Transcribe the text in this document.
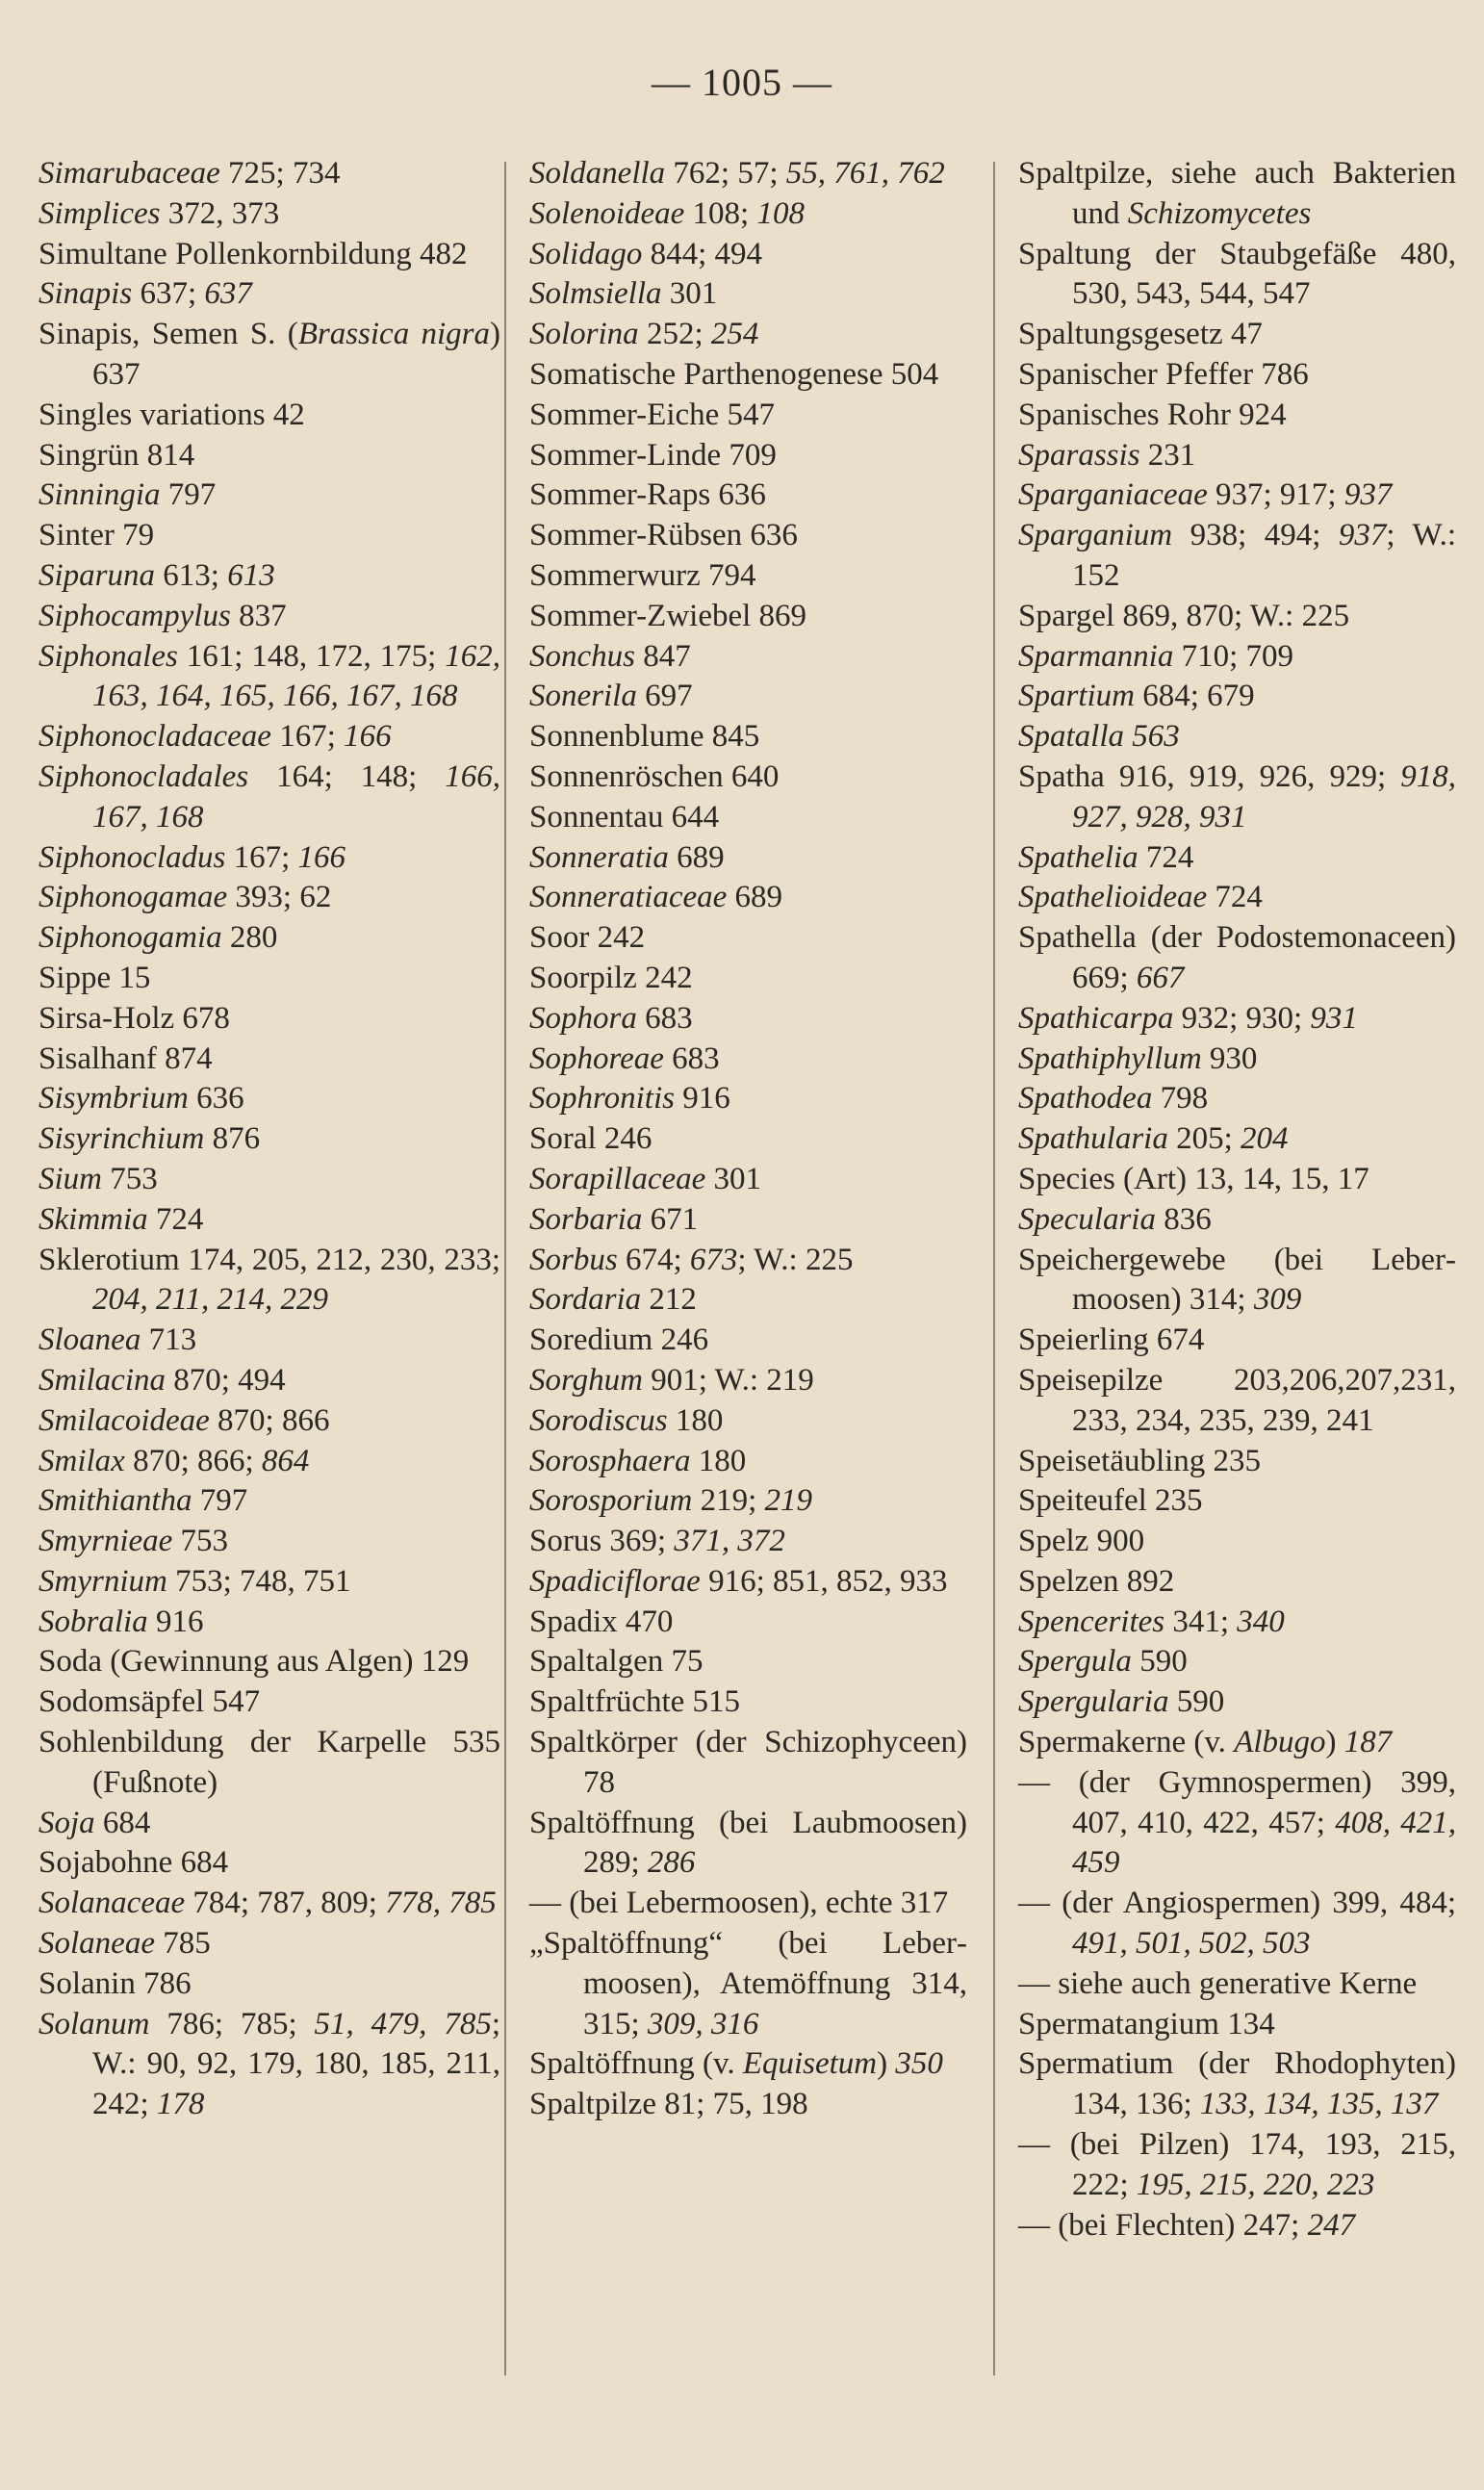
— 1005 —
Simarubaceae 725; 734
Simplices 372, 373
Simultane Pollenkornbildung 482
Sinapis 637; 637
Sinapis, Semen S. (Brassica nigra) 637
Singles variations 42
Singrün 814
Sinningia 797
Sinter 79
Siparuna 613; 613
Siphocampylus 837
Siphonales 161; 148, 172, 175; 162, 163, 164, 165, 166, 167, 168
Siphonocladaceae 167; 166
Siphonocladales 164; 148; 166, 167, 168
Siphonocladus 167; 166
Siphonogamae 393; 62
Siphonogamia 280
Sippe 15
Sirsa-Holz 678
Sisalhanf 874
Sisymbrium 636
Sisyrinchium 876
Sium 753
Skimmia 724
Sklerotium 174, 205, 212, 230, 233; 204, 211, 214, 229
Sloanea 713
Smilacina 870; 494
Smilacoideae 870; 866
Smilax 870; 866; 864
Smithiantha 797
Smyrnieae 753
Smyrnium 753; 748, 751
Sobralia 916
Soda (Gewinnung aus Algen) 129
Sodomsäpfel 547
Sohlenbildung der Karpelle 535 (Fußnote)
Soja 684
Sojabohne 684
Solanaceae 784; 787, 809; 778, 785
Solaneae 785
Solanin 786
Solanum 786; 785; 51, 479, 785; W.: 90, 92, 179, 180, 185, 211, 242; 178
Soldanella 762; 57; 55, 761, 762
Solenoideae 108; 108
Solidago 844; 494
Solmsiella 301
Solorina 252; 254
Somatische Parthenogenese 504
Sommer-Eiche 547
Sommer-Linde 709
Sommer-Raps 636
Sommer-Rübsen 636
Sommerwurz 794
Sommer-Zwiebel 869
Sonchus 847
Sonerila 697
Sonnenblume 845
Sonnenröschen 640
Sonnentau 644
Sonneratia 689
Sonneratiaceae 689
Soor 242
Soorpilz 242
Sophora 683
Sophoreae 683
Sophronitis 916
Soral 246
Sorapillaceae 301
Sorbaria 671
Sorbus 674; 673; W.: 225
Sordaria 212
Soredium 246
Sorghum 901; W.: 219
Sorodiscus 180
Sorosphaera 180
Sorosporium 219; 219
Sorus 369; 371, 372
Spadiciflorae 916; 851, 852, 933
Spadix 470
Spaltalgen 75
Spaltfrüchte 515
Spaltkörper (der Schizophyceen) 78
Spaltöffnung (bei Laubmoosen) 289; 286
— (bei Lebermoosen), echte 317
„Spaltöffnung“ (bei Lebermoosen), Atemöffnung 314, 315; 309, 316
Spaltöffnung (v. Equisetum) 350
Spaltpilze 81; 75, 198
Spaltpilze, siehe auch Bakterien und Schizomycetes
Spaltung der Staubgefäße 480, 530, 543, 544, 547
Spaltungsgesetz 47
Spanischer Pfeffer 786
Spanisches Rohr 924
Sparassis 231
Sparganiaceae 937; 917; 937
Sparganium 938; 494; 937; W.: 152
Spargel 869, 870; W.: 225
Sparmannia 710; 709
Spartium 684; 679
Spatalla 563
Spatha 916, 919, 926, 929; 918, 927, 928, 931
Spathelia 724
Spathelioideae 724
Spathella (der Podostemonaceen) 669; 667
Spathicarpa 932; 930; 931
Spathiphyllum 930
Spathodea 798
Spathularia 205; 204
Species (Art) 13, 14, 15, 17
Specularia 836
Speichergewebe (bei Lebermoosen) 314; 309
Speierling 674
Speisepilze 203,206,207,231, 233, 234, 235, 239, 241
Speisetäubling 235
Speiteufel 235
Spelz 900
Spelzen 892
Spencerites 341; 340
Spergula 590
Spergularia 590
Spermakerne (v. Albugo) 187
— (der Gymnospermen) 399, 407, 410, 422, 457; 408, 421, 459
— (der Angiospermen) 399, 484; 491, 501, 502, 503
— siehe auch generative Kerne
Spermatangium 134
Spermatium (der Rhodophyten) 134, 136; 133, 134, 135, 137
— (bei Pilzen) 174, 193, 215, 222; 195, 215, 220, 223
— (bei Flechten) 247; 247
